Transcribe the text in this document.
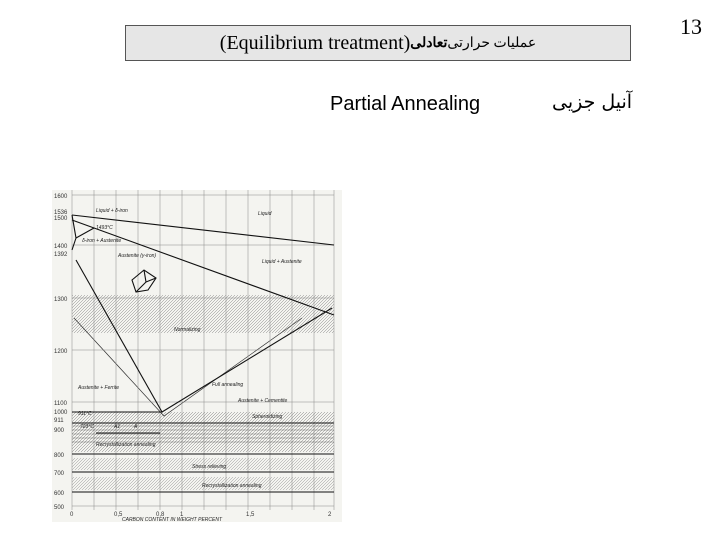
13
عملیات حرارتی
تعادلی
(Equilibrium treatment)
Partial Annealing	آنیل جزیی
1600
1536
1500
1400
1392
1300
1200
1100
1000
911
900
800
700
600
500
0	0,5	0,8	1	1,5	2
CARBON CONTENT IN WEIGHT PERCENT
Liquid + δ-iron	Liquid
1493°C
δ-iron + Austenite
Austenite (γ-iron)
Liquid + Austenite
Normalizing
Full annealing
Austenite + Cementite
Austenite + Ferrite
911°C
723°C	A1	A
Spheroidizing
Recrystallization annealing
Stress relieving
Recrystallization annealing
